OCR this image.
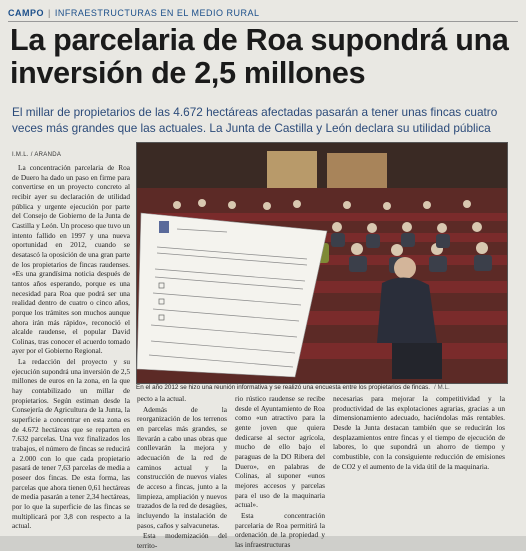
CAMPO | INFRAESTRUCTURAS EN EL MEDIO RURAL
La parcelaria de Roa supondrá una inversión de 2,5 millones

El millar de propietarios de las 4.672 hectáreas afectadas pasarán a tener unas fincas cuatro veces más grandes que las actuales. La Junta de Castilla y León declara su utilidad pública

I.M.L. / ARANDA

La concentración parcelaria de Roa de Duero ha dado un paso en firme para convertirse en un proyecto concreto al recibir ayer su declaración de utilidad pública y urgente ejecución por parte del Consejo de Gobierno de la Junta de Castilla y León. Un proceso que tuvo un intento fallido en 1997 y una nueva oportunidad en 2012, cuando se desatascó la oposición de una gran parte de los propietarios de fincas raudenses. «Es una grandísima noticia después de tantos años esperando, porque es una necesidad para Roa que podrá ser una realidad dentro de cuatro o cinco años, porque los trámites son muchos aunque ahora irán más rápido», reconoció el alcalde raudense, el popular David Colinas, tras conocer el acuerdo tomado ayer por el Gobierno Regional.

La redacción del proyecto y su ejecución supondrá una inversión de 2,5 millones de euros en la zona, en la que hay contabilizado un millar de propietarios. Según estiman desde la Consejería de Agricultura de la Junta, la superficie a concentrar en esta zona es de 4.672 hectáreas que se reparten en 7.632 parcelas. Una vez finalizados los trabajos, el número de fincas se reducirá a 2.000 con lo que cada propietario pasará de tener 7,63 parcelas de media a poseer dos fincas. De esta forma, las parcelas que ahora tienen 0,61 hectáreas de media pasarán a tener 2,34 hectáreas, por lo que la superficie de las fincas se multiplicará por 3,8 con respecto a la actual.

En el año 2012 se hizo una reunión informativa y se realizó una encuesta entre los propietarios de fincas. / M.L.

pecto a la actual.

Además de la reorganización de los terrenos en parcelas más grandes, se llevarán a cabo unas obras que conllevarán la mejora y adecuación de la red de caminos actual y la construcción de nuevos viales de acceso a fincas, junto a la limpieza, ampliación y nuevos trazados de la red de desagües, incluyendo la instalación de pasos, caños y salvacunetas.

Esta modernización del territo-

rio rústico raudense se recibe desde el Ayuntamiento de Roa como «un atractivo para la gente joven que quiera dedicarse al sector agrícola, mucho de ello bajo el paraguas de la DO Ribera del Duero», en palabras de Colinas, al suponer «unos mejores accesos y parcelas para el uso de la maquinaria actual».

Esta concentración parcelaria de Roa permitirá la ordenación de la propiedad y las infraestructuras

necesarias para mejorar la competitividad y la productividad de las explotaciones agrarias, gracias a un dimensionamiento adecuado, haciéndolas más rentables. Desde la Junta destacan también que se reducirán los desplazamientos entre fincas y el tiempo de ejecución de labores, lo que supondrá un ahorro de tiempo y combustible, con la consiguiente reducción de emisiones de CO2 y el aumento de la vida útil de la maquinaria.
